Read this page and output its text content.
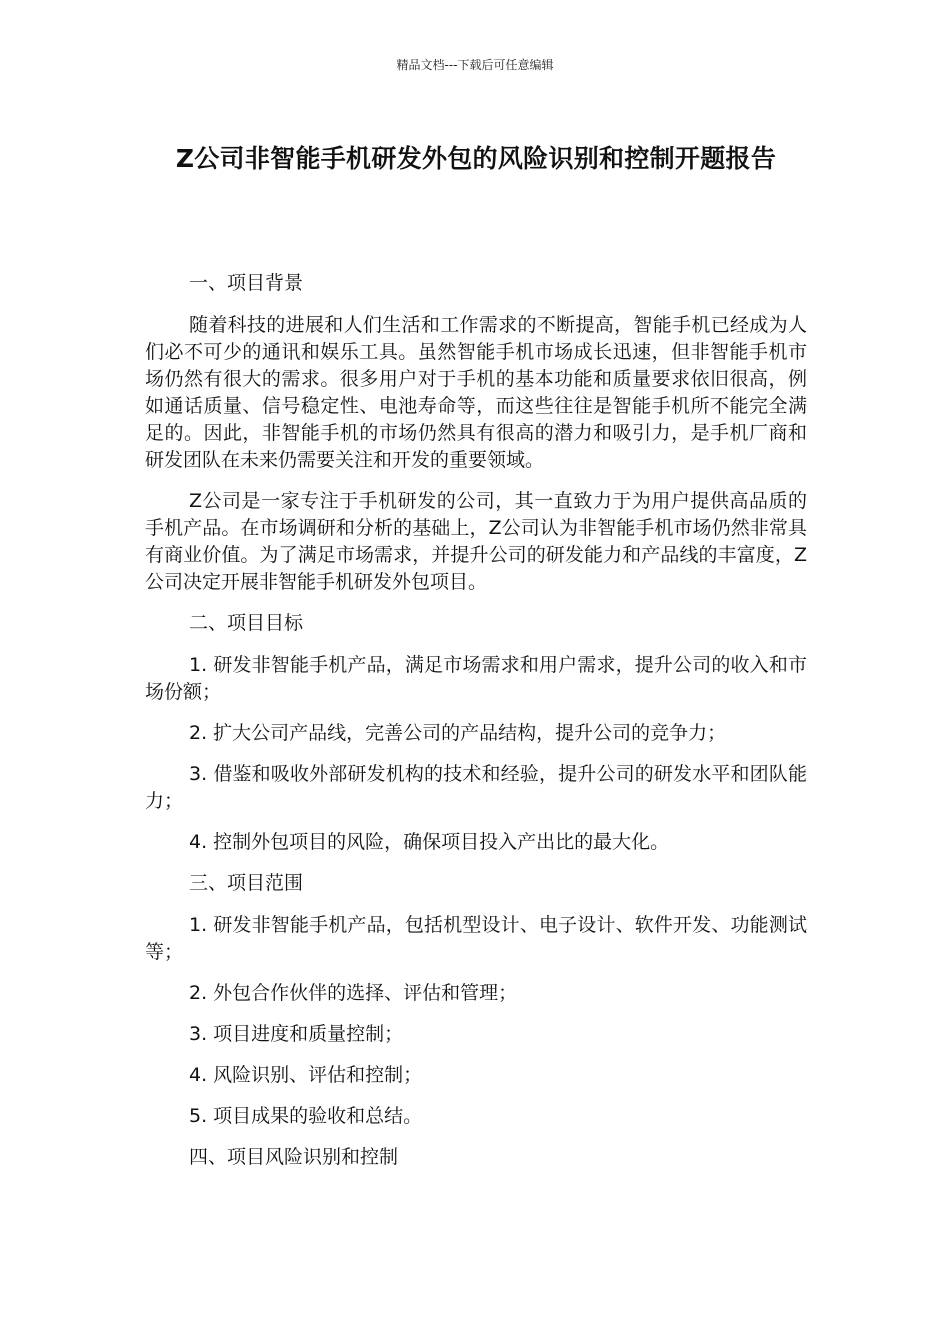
精品文档---下载后可任意编辑
Z公司非智能手机研发外包的风险识别和控制开题报告

一、项目背景

随着科技的进展和人们生活和工作需求的不断提高，智能手机已经成为人们必不可少的通讯和娱乐工具。虽然智能手机市场成长迅速，但非智能手机市场仍然有很大的需求。很多用户对于手机的基本功能和质量要求依旧很高，例如通话质量、信号稳定性、电池寿命等，而这些往往是智能手机所不能完全满足的。因此，非智能手机的市场仍然具有很高的潜力和吸引力，是手机厂商和研发团队在未来仍需要关注和开发的重要领域。

Z公司是一家专注于手机研发的公司，其一直致力于为用户提供高品质的手机产品。在市场调研和分析的基础上，Z公司认为非智能手机市场仍然非常具有商业价值。为了满足市场需求，并提升公司的研发能力和产品线的丰富度，Z公司决定开展非智能手机研发外包项目。

二、项目目标

1. 研发非智能手机产品，满足市场需求和用户需求，提升公司的收入和市场份额；

2. 扩大公司产品线，完善公司的产品结构，提升公司的竞争力；

3. 借鉴和吸收外部研发机构的技术和经验，提升公司的研发水平和团队能力；

4. 控制外包项目的风险，确保项目投入产出比的最大化。

三、项目范围

1. 研发非智能手机产品，包括机型设计、电子设计、软件开发、功能测试等；

2. 外包合作伙伴的选择、评估和管理；

3. 项目进度和质量控制；

4. 风险识别、评估和控制；

5. 项目成果的验收和总结。

四、项目风险识别和控制
